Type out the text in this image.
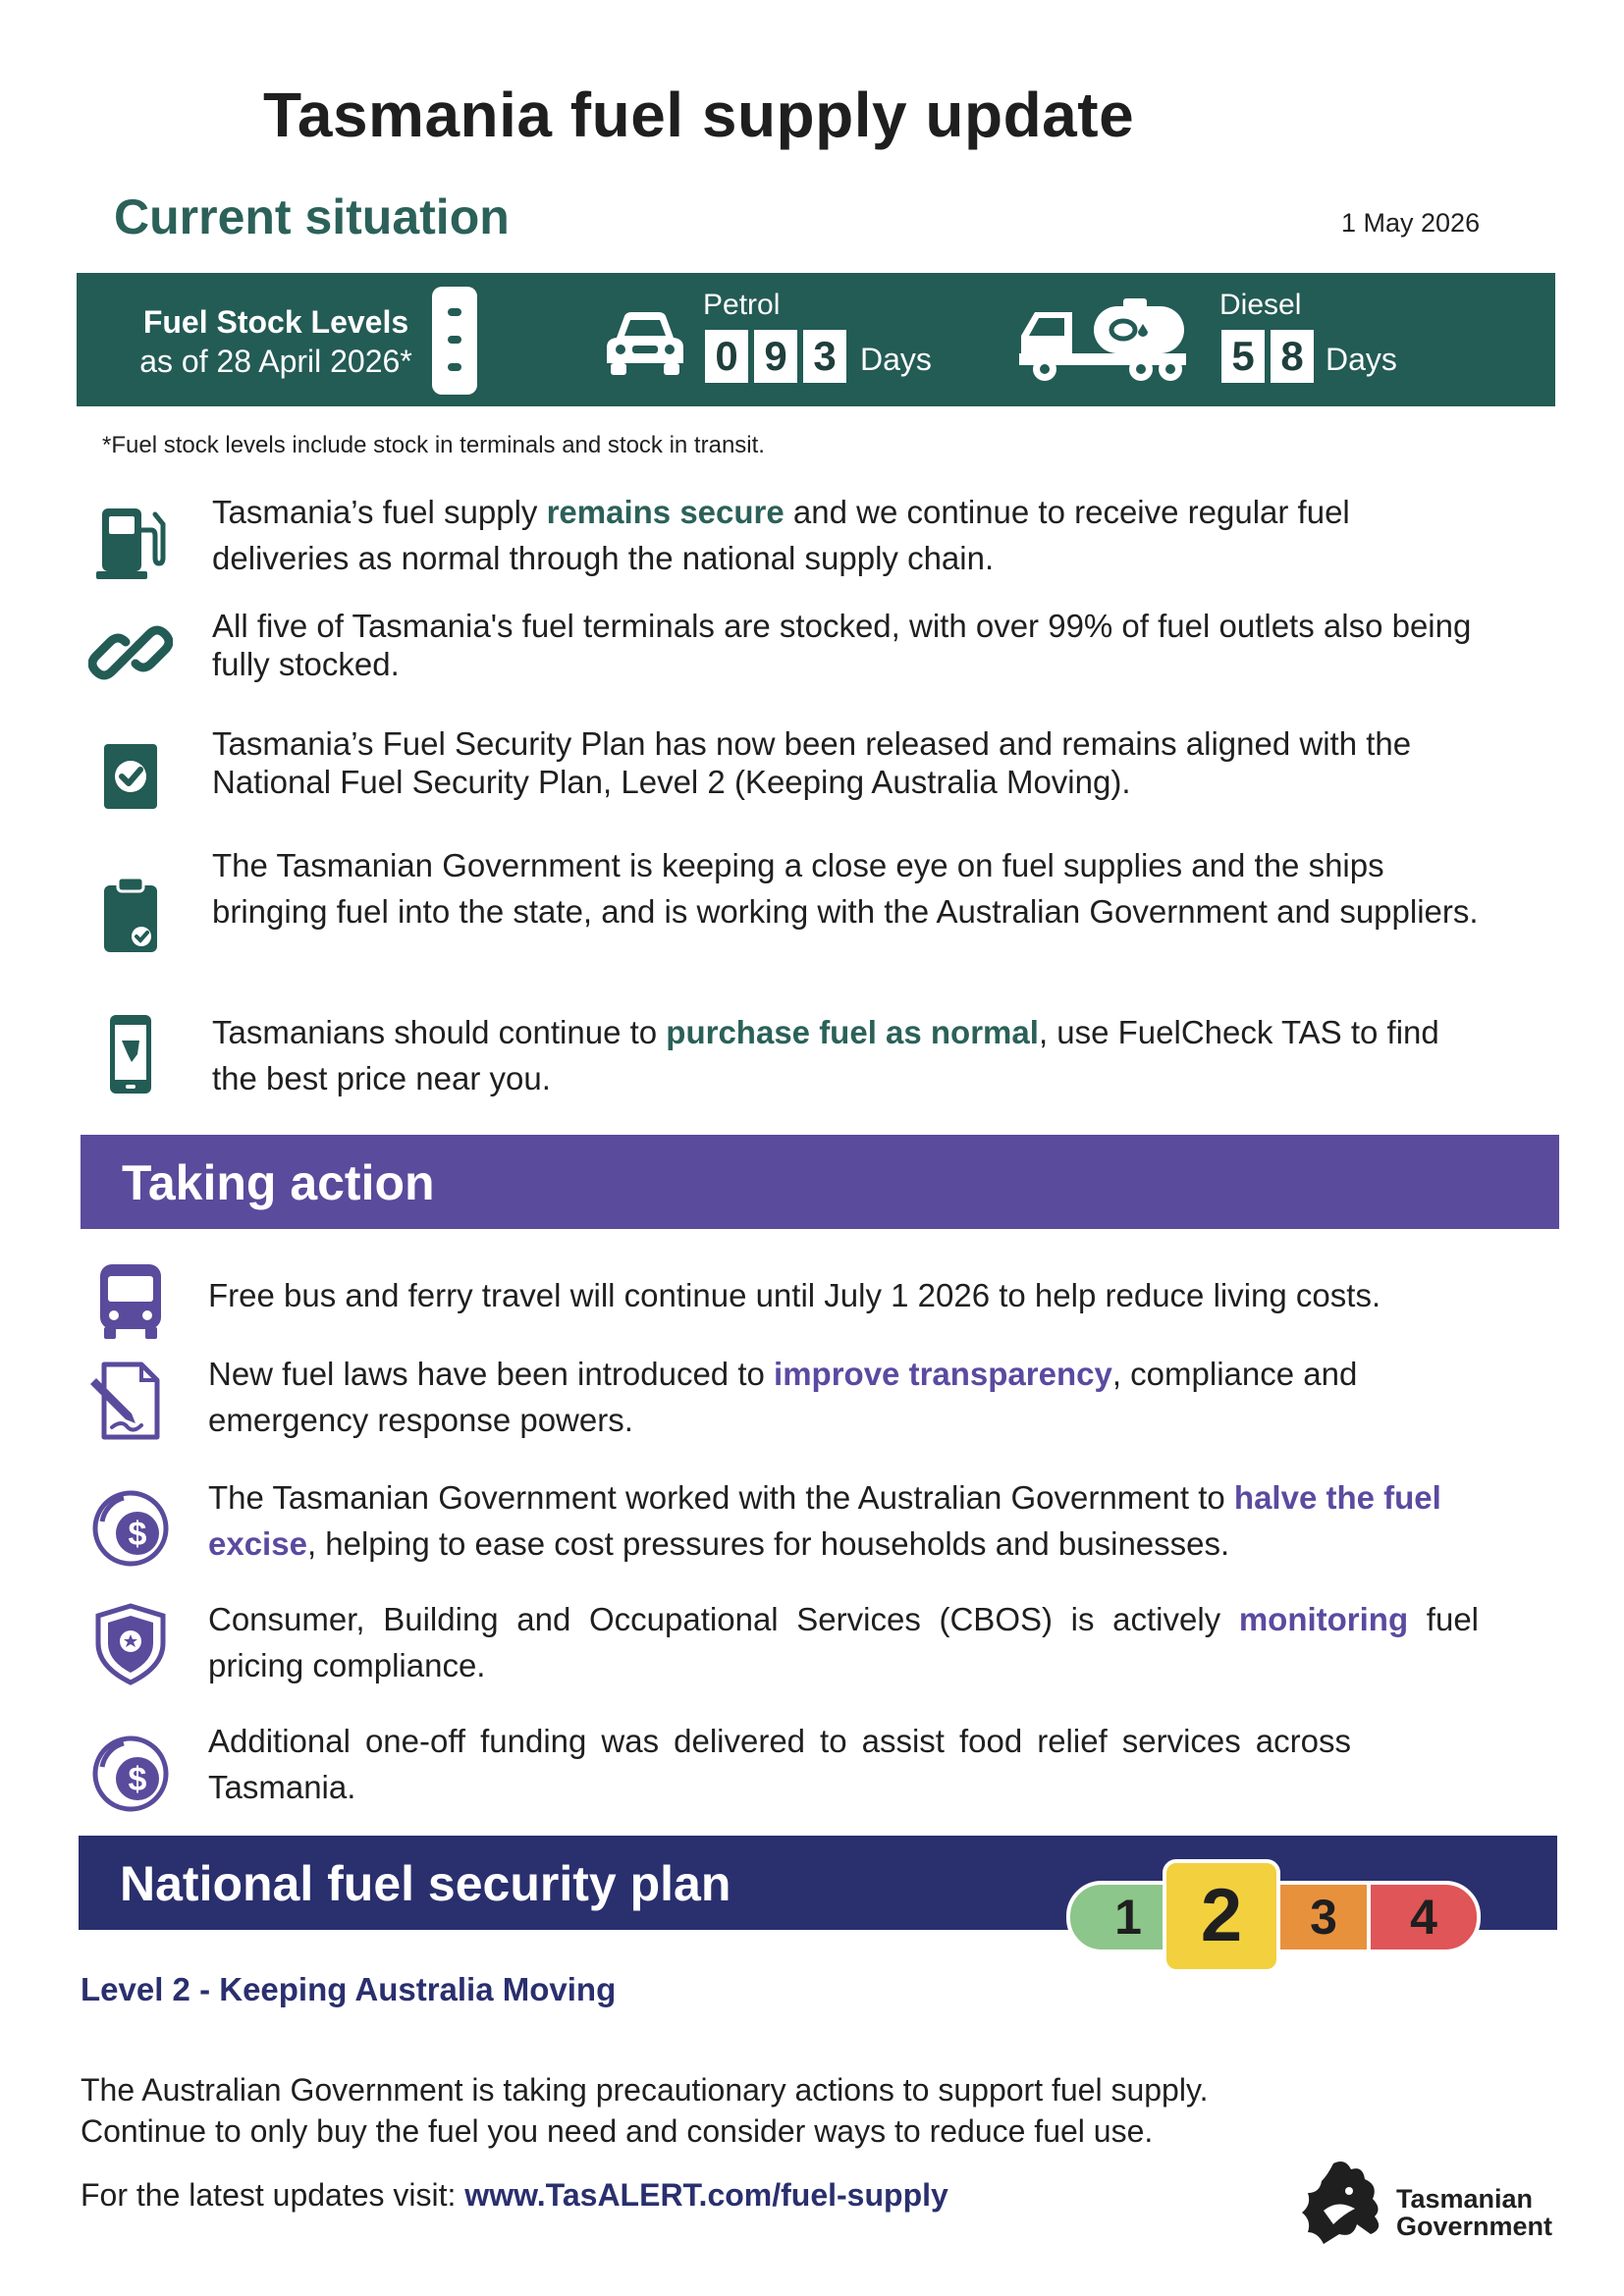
Tasmania fuel supply update
Current situation	1 May 2026
Fuel Stock Levels
as of 28 April 2026*
Petrol
0 9 3 Days
Diesel
5 8 Days
*Fuel stock levels include stock in terminals and stock in transit.
Tasmania’s fuel supply remains secure and we continue to receive regular fuel deliveries as normal through the national supply chain.
All five of Tasmania's fuel terminals are stocked, with over 99% of fuel outlets also being fully stocked.
Tasmania’s Fuel Security Plan has now been released and remains aligned with the National Fuel Security Plan, Level 2 (Keeping Australia Moving).
The Tasmanian Government is keeping a close eye on fuel supplies and the ships bringing fuel into the state, and is working with the Australian Government and suppliers.
Tasmanians should continue to purchase fuel as normal, use FuelCheck TAS to find the best price near you.
Taking action
Free bus and ferry travel will continue until July 1 2026 to help reduce living costs.
New fuel laws have been introduced to improve transparency, compliance and emergency response powers.
$
The Tasmanian Government worked with the Australian Government to halve the fuel excise, helping to ease cost pressures for households and businesses.
Consumer, Building and Occupational Services (CBOS) is actively monitoring fuel pricing compliance.
$
Additional one-off funding was delivered to assist food relief services across Tasmania.
National fuel security plan
1 2	3	4
Level 2 - Keeping Australia Moving
The Australian Government is taking precautionary actions to support fuel supply.
Continue to only buy the fuel you need and consider ways to reduce fuel use.
For the latest updates visit: www.TasALERT.com/fuel-supply	Tasmanian
Government
